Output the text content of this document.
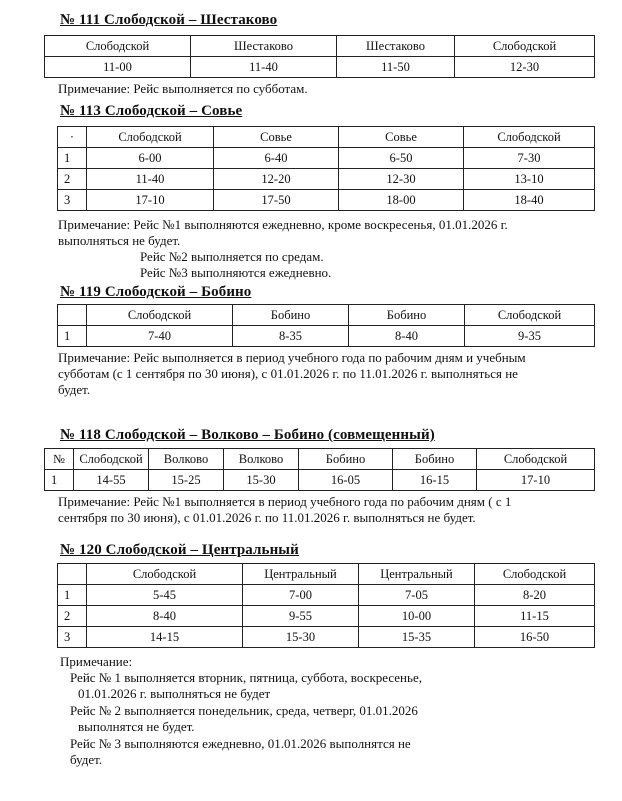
№ 111 Слободской – Шестаково
Слободской	Шестаково	Шестаково	Слободской
11-00	11-40	11-50	12-30
Примечание: Рейс выполняется по субботам.
№ 113 Слободской – Совье
·	Слободской	Совье	Совье	Слободской
1	6-00	6-40	6-50	7-30
2	11-40	12-20	12-30	13-10
3	17-10	17-50	18-00	18-40
Примечание: Рейс №1 выполняются ежедневно, кроме воскресенья, 01.01.2026 г.
выполняться не будет.
Рейс №2 выполняется по средам.
Рейс №3 выполняются ежедневно.
№ 119 Слободской – Бобино
	Слободской	Бобино	Бобино	Слободской
1	7-40	8-35	8-40	9-35
Примечание: Рейс выполняется в период учебного года по рабочим дням и учебным
субботам (с 1 сентября по 30 июня), с 01.01.2026 г. по 11.01.2026 г. выполняться не
будет.
№ 118 Слободской – Волково – Бобино (совмещенный)
№	Слободской	Волково	Волково	Бобино	Бобино	Слободской
1	14-55	15-25	15-30	16-05	16-15	17-10
Примечание: Рейс №1 выполняется в период учебного года по рабочим дням ( с 1
сентября по 30 июня), с 01.01.2026 г. по 11.01.2026 г. выполняться не будет.
№ 120 Слободской – Центральный
	Слободской	Центральный	Центральный	Слободской
1	5-45	7-00	7-05	8-20
2	8-40	9-55	10-00	11-15
3	14-15	15-30	15-35	16-50
Примечание:
Рейс № 1 выполняется вторник, пятница, суббота, воскресенье,
01.01.2026 г. выполняться не будет
Рейс № 2 выполняется понедельник, среда, четверг, 01.01.2026
выполнятся не будет.
Рейс № 3 выполняются ежедневно, 01.01.2026 выполнятся не
будет.
